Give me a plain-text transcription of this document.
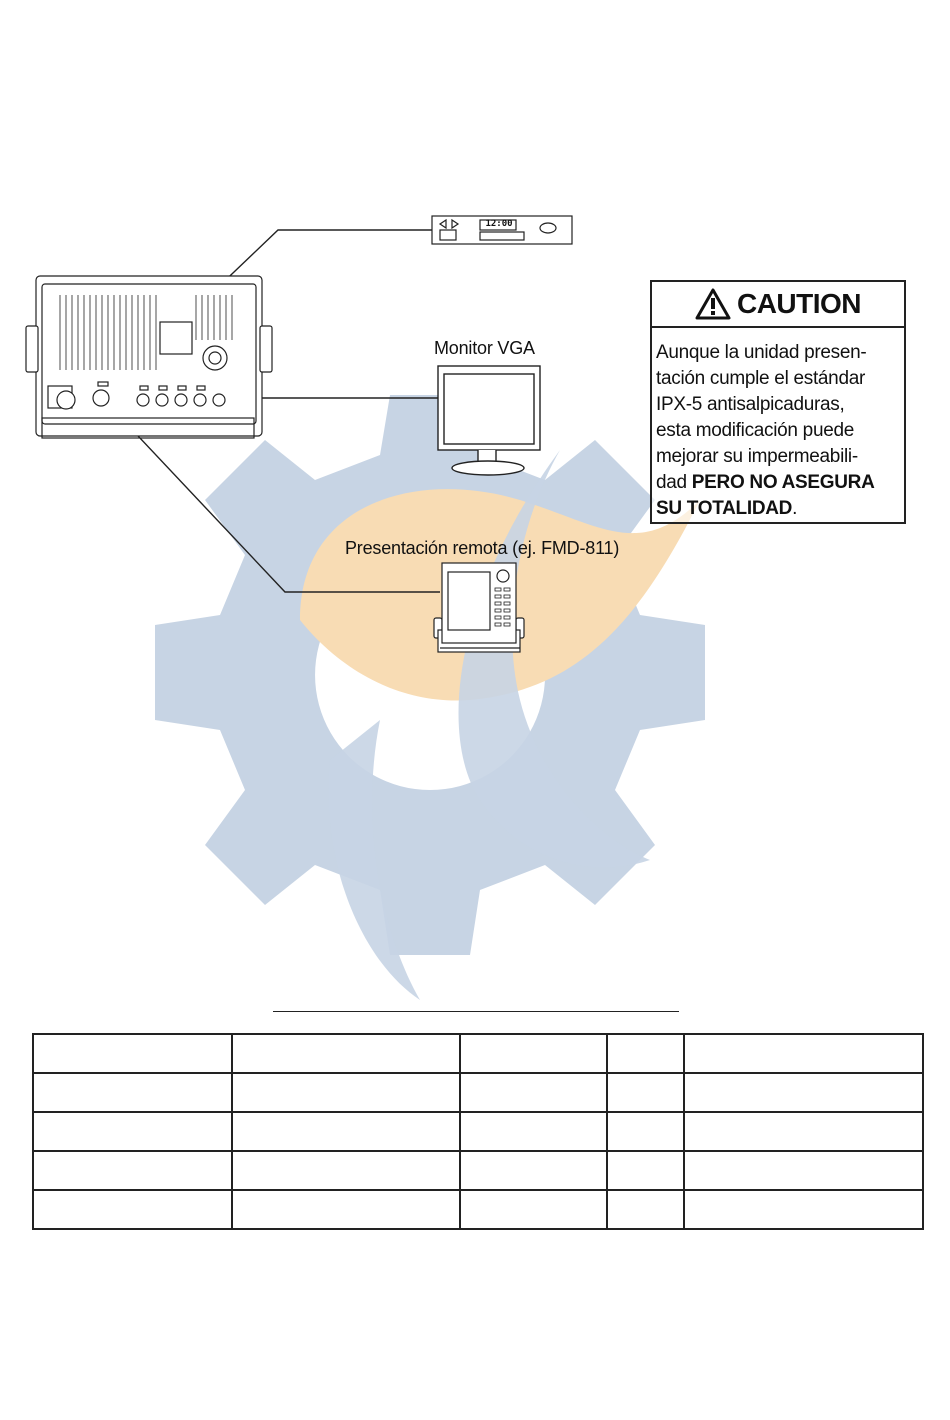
Monitor VGA
Presentación remota (ej. FMD-811)
12:00
CAUTION
Aunque la unidad presen-
tación cumple el estándar
IPX-5 antisalpicaduras,
esta modificación puede
mejorar su impermeabili-
dad PERO NO ASEGURA
SU TOTALIDAD.
